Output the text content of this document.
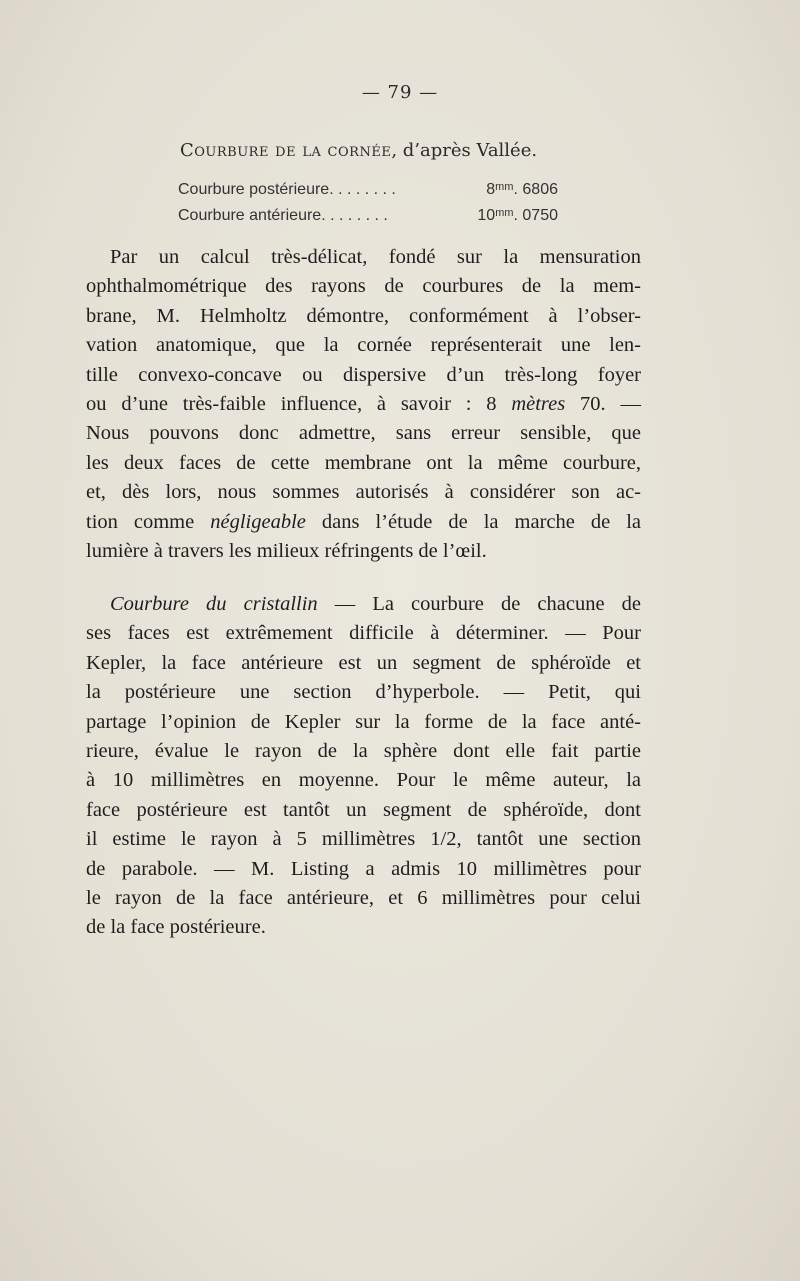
— 79 —
Courbure de la cornée, d’après Vallée.
Courbure postérieure. . . . . . . .	8ᵐᵐ. 6806
Courbure antérieure. . . . . . . .	10ᵐᵐ. 0750
Par un calcul très-délicat, fondé sur la mensuration
ophthalmométrique des rayons de courbures de la mem-
brane, M. Helmholtz démontre, conformément à l’obser-
vation anatomique, que la cornée représenterait une len-
tille convexo-concave ou dispersive d’un très-long foyer
ou d’une très-faible influence, à savoir : 8 mètres 70. —
Nous pouvons donc admettre, sans erreur sensible, que
les deux faces de cette membrane ont la même courbure,
et, dès lors, nous sommes autorisés à considérer son ac-
tion comme négligeable dans l’étude de la marche de la
lumière à travers les milieux réfringents de l’œil.
Courbure du cristallin — La courbure de chacune de
ses faces est extrêmement difficile à déterminer. — Pour
Kepler, la face antérieure est un segment de sphéroïde et
la postérieure une section d’hyperbole. — Petit, qui
partage l’opinion de Kepler sur la forme de la face anté-
rieure, évalue le rayon de la sphère dont elle fait partie
à 10 millimètres en moyenne. Pour le même auteur, la
face postérieure est tantôt un segment de sphéroïde, dont
il estime le rayon à 5 millimètres 1/2, tantôt une section
de parabole. — M. Listing a admis 10 millimètres pour
le rayon de la face antérieure, et 6 millimètres pour celui
de la face postérieure.
